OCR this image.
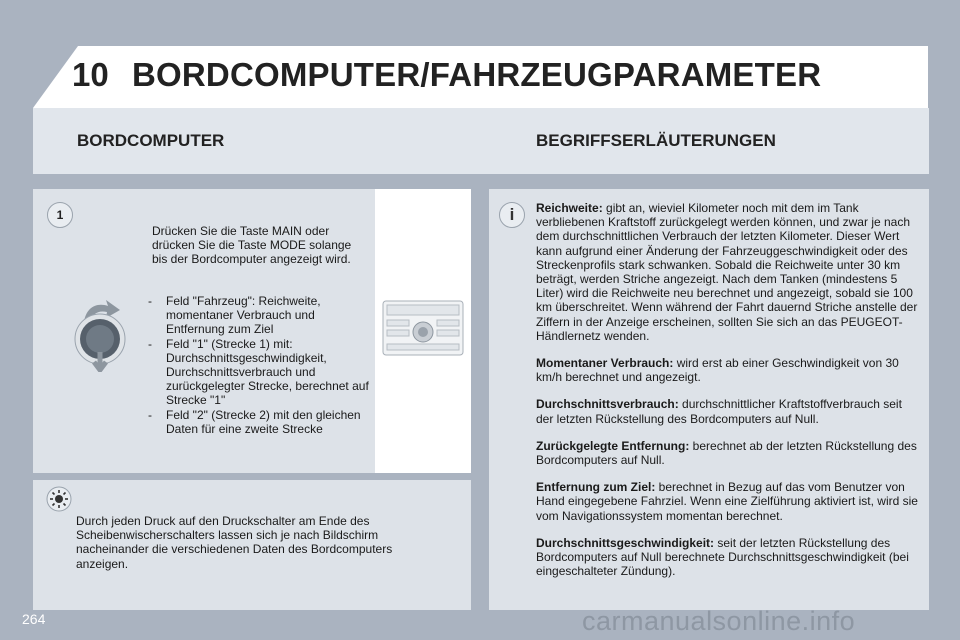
10 BORDCOMPUTER/FAHRZEUGPARAMETER
BORDCOMPUTER	BEGRIFFSERLÄUTERUNGEN
1
Drücken Sie die Taste MAIN oder drücken Sie die Taste MODE solange bis der Bordcomputer angezeigt wird.
-	Feld "Fahrzeug": Reichweite, momentaner Verbrauch und Entfernung zum Ziel
-	Feld "1" (Strecke 1) mit: Durchschnittsgeschwindigkeit, Durchschnittsverbrauch und zurückgelegter Strecke, berechnet auf Strecke "1"
-	Feld "2" (Strecke 2) mit den gleichen Daten für eine zweite Strecke
Durch jeden Druck auf den Druckschalter am Ende des Scheibenwischerschalters lassen sich je nach Bildschirm nacheinander die verschiedenen Daten des Bordcomputers anzeigen.
i	Reichweite: gibt an, wieviel Kilometer noch mit dem im Tank verbliebenen Kraftstoff zurückgelegt werden können, und zwar je nach dem durchschnittlichen Verbrauch der letzten Kilometer. Dieser Wert kann aufgrund einer Änderung der Fahrzeuggeschwindigkeit oder des Streckenprofils stark schwanken. Sobald die Reichweite unter 30 km beträgt, werden Striche angezeigt. Nach dem Tanken (mindestens 5 Liter) wird die Reichweite neu berechnet und angezeigt, sobald sie 100 km überschreitet. Wenn während der Fahrt dauernd Striche anstelle der Ziffern in der Anzeige erscheinen, sollten Sie sich an das PEUGEOT-Händlernetz wenden.

Momentaner Verbrauch: wird erst ab einer Geschwindigkeit von 30 km/h berechnet und angezeigt.

Durchschnittsverbrauch: durchschnittlicher Kraftstoffverbrauch seit der letzten Rückstellung des Bordcomputers auf Null.

Zurückgelegte Entfernung: berechnet ab der letzten Rückstellung des Bordcomputers auf Null.

Entfernung zum Ziel: berechnet in Bezug auf das vom Benutzer von Hand eingegebene Fahrziel. Wenn eine Zielführung aktiviert ist, wird sie vom Navigationssystem momentan berechnet.

Durchschnittsgeschwindigkeit: seit der letzten Rückstellung des Bordcomputers auf Null berechnete Durchschnittsgeschwindigkeit (bei eingeschalteter Zündung).

264	carmanualsonline.info
